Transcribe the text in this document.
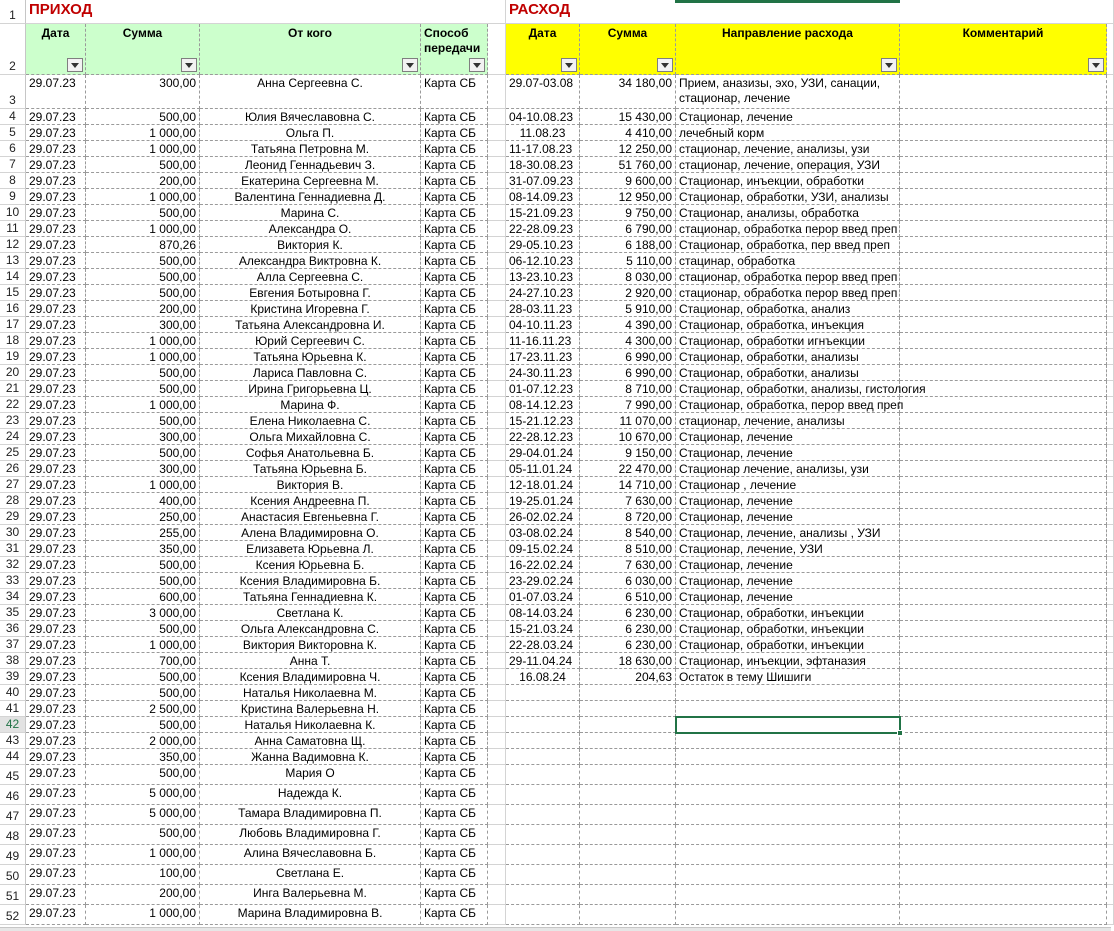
1 ПРИХОД	РАСХОД
2
Дата	Сумма	От кого	Способ передачи
Дата	Сумма	Направление расхода	Комментарий
3
29.07.23	300,00	Анна Сергеевна С.	Карта СБ	29.07-03.08	34 180,00 Прием, аназизы, эхо, УЗИ, санации, стационар, лечение
4	29.07.23	500,00	Юлия Вячеславовна С.	Карта СБ	04-10.08.23	15 430,00 Стационар, лечение
5	29.07.23	1 000,00	Ольга П.	Карта СБ	11.08.23	4 410,00 лечебный корм
6	29.07.23	1 000,00	Татьяна Петровна М.	Карта СБ	11-17.08.23	12 250,00 стационар, лечение, анализы, узи
7	29.07.23	500,00	Леонид Геннадьевич З.	Карта СБ	18-30.08.23	51 760,00 стационар, лечение, операция, УЗИ
8	29.07.23	200,00	Екатерина Сергеевна М.	Карта СБ	31-07.09.23	9 600,00 Стационар, инъекции, обработки
9	29.07.23	1 000,00	Валентина Геннадиевна Д.	Карта СБ	08-14.09.23	12 950,00 Стационар, обработки, УЗИ, анализы
10 29.07.23	500,00	Марина С.	Карта СБ	15-21.09.23	9 750,00 Стационар, анализы, обработка
11 29.07.23	1 000,00	Александра О.	Карта СБ	22-28.09.23	6 790,00 стационар, обработка перор введ преп
12 29.07.23	870,26	Виктория К.	Карта СБ	29-05.10.23	6 188,00 Стационар, обработка, пер введ преп
13 29.07.23	500,00	Александра Виктровна К.	Карта СБ	06-12.10.23	5 110,00 стацинар, обработка
14 29.07.23	500,00	Алла Сергеевна С.	Карта СБ	13-23.10.23	8 030,00 стационар, обработка перор введ преп
15 29.07.23	500,00	Евгения Ботыровна Г.	Карта СБ	24-27.10.23	2 920,00 стационар, обработка перор введ преп
16 29.07.23	200,00	Кристина Игоревна Г.	Карта СБ	28-03.11.23	5 910,00 Стационар, обработка, анализ
17 29.07.23	300,00	Татьяна Александровна И.	Карта СБ	04-10.11.23	4 390,00 Стационар, обработка, инъекция
18 29.07.23	1 000,00	Юрий Сергеевич С.	Карта СБ	11-16.11.23	4 300,00 Стационар, обработки игнъекции
19 29.07.23	1 000,00	Татьяна Юрьевна К.	Карта СБ	17-23.11.23	6 990,00 Стационар, обработки, анализы
20 29.07.23	500,00	Лариса Павловна С.	Карта СБ	24-30.11.23	6 990,00 Стационар, обработки, анализы
21 29.07.23	500,00	Ирина Григорьевна Ц.	Карта СБ	01-07.12.23	8 710,00 Стационар, обработки, анализы, гистология
22 29.07.23	1 000,00	Марина Ф.	Карта СБ	08-14.12.23	7 990,00 Стационар, обработка, перор введ преп
23 29.07.23	500,00	Елена Николаевна С.	Карта СБ	15-21.12.23	11 070,00 стационар, лечение, анализы
24 29.07.23	300,00	Ольга Михайловна С.	Карта СБ	22-28.12.23	10 670,00 Стационар, лечение
25 29.07.23	500,00	Софья Анатольевна Б.	Карта СБ	29-04.01.24	9 150,00 Стационар, лечение
26 29.07.23	300,00	Татьяна Юрьевна Б.	Карта СБ	05-11.01.24	22 470,00 Стационар лечение, анализы, узи
27 29.07.23	1 000,00	Виктория В.	Карта СБ	12-18.01.24	14 710,00 Стационар , лечение
28 29.07.23	400,00	Ксения Андреевна П.	Карта СБ	19-25.01.24	7 630,00 Стационар, лечение
29 29.07.23	250,00	Анастасия Евгеньевна Г.	Карта СБ	26-02.02.24	8 720,00 Стационар, лечение
30 29.07.23	255,00	Алена Владимировна О.	Карта СБ	03-08.02.24	8 540,00 Стационар, лечение, анализы , УЗИ
31 29.07.23	350,00	Елизавета Юрьевна Л.	Карта СБ	09-15.02.24	8 510,00 Стационар, лечение, УЗИ
32 29.07.23	500,00	Ксения Юрьевна Б.	Карта СБ	16-22.02.24	7 630,00 Стационар, лечение
33 29.07.23	500,00	Ксения Владимировна Б.	Карта СБ	23-29.02.24	6 030,00 Стационар, лечение
34 29.07.23	600,00	Татьяна Геннадиевна К.	Карта СБ	01-07.03.24	6 510,00 Стационар, лечение
35 29.07.23	3 000,00	Светлана К.	Карта СБ	08-14.03.24	6 230,00 Стационар, обработки, инъекции
36 29.07.23	500,00	Ольга Александровна С.	Карта СБ	15-21.03.24	6 230,00 Стационар, обработки, инъекции
37 29.07.23	1 000,00	Виктория Викторовна К.	Карта СБ	22-28.03.24	6 230,00 Стационар, обработки, инъекции
38 29.07.23	700,00	Анна Т.	Карта СБ	29-11.04.24	18 630,00 Стационар, инъекции, эфтаназия
39 29.07.23	500,00	Ксения Владимировна Ч.	Карта СБ	16.08.24	204,63 Остаток в тему Шишиги
40 29.07.23	500,00	Наталья Николаевна М.	Карта СБ
41 29.07.23	2 500,00	Кристина Валерьевна Н.	Карта СБ
42 29.07.23	500,00	Наталья Николаевна К.	Карта СБ
43 29.07.23	2 000,00	Анна Саматовна Щ.	Карта СБ
44 29.07.23	350,00	Жанна Вадимовна К.	Карта СБ
45 29.07.23	500,00	Мария О	Карта СБ
46 29.07.23	5 000,00	Надежда К.	Карта СБ
47 29.07.23	5 000,00	Тамара Владимировна П.	Карта СБ
48 29.07.23	500,00	Любовь Владимировна Г.	Карта СБ
49 29.07.23	1 000,00	Алина Вячеславовна Б.	Карта СБ
50 29.07.23	100,00	Светлана Е.	Карта СБ
51 29.07.23	200,00	Инга Валерьевна М.	Карта СБ
52 29.07.23	1 000,00	Марина Владимировна В.	Карта СБ
